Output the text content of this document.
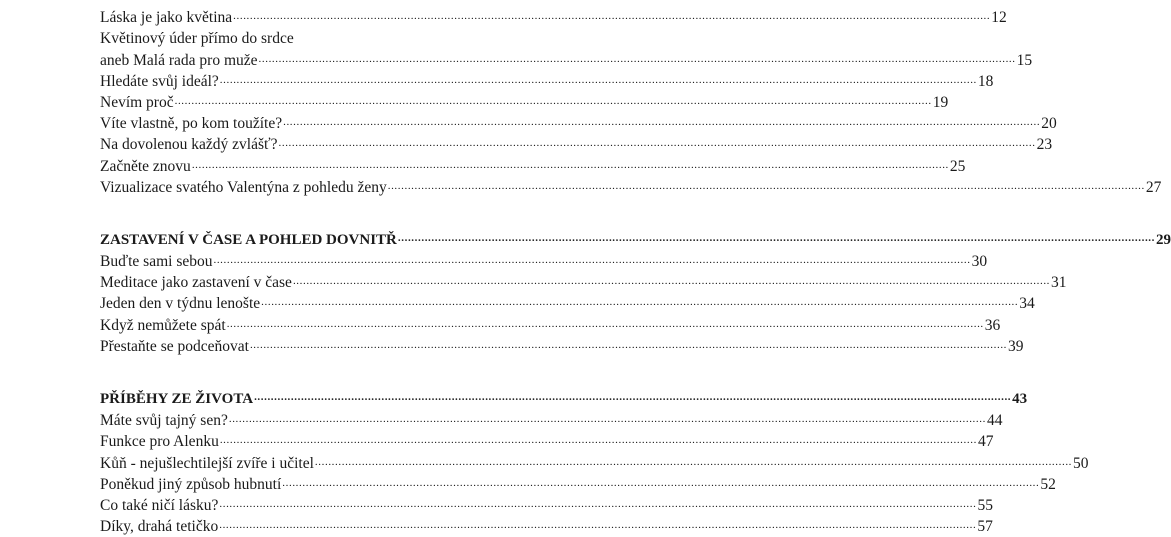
.....
Láska je jako květina .....	12
Květinový úder přímo do srdce
aneb Malá rada pro muže .....	15
Hledáte svůj ideál? .....	18
Nevím proč .....	19
Víte vlastně, po kom toužíte? .....	20
Na dovolenou každý zvlášť? .....	23
Začněte znovu .....	25
Vizualizace svatého Valentýna z pohledu ženy .....	27
ZASTAVENÍ V ČASE A POHLED DOVNITŘ .....	29
Buďte sami sebou .....	30
Meditace jako zastavení v čase .....	31
Jeden den v týdnu lenošte .....	34
Když nemůžete spát .....	36
Přestaňte se podceňovat .....	39
PŘÍBĚHY ZE ŽIVOTA .....	43
Máte svůj tajný sen? .....	44
Funkce pro Alenku .....	47
Kůň - nejušlechtilejší zvíře i učitel .....	50
Poněkud jiný způsob hubnutí .....	52
Co také ničí lásku? .....	55
Díky, drahá tetičko .....	57
